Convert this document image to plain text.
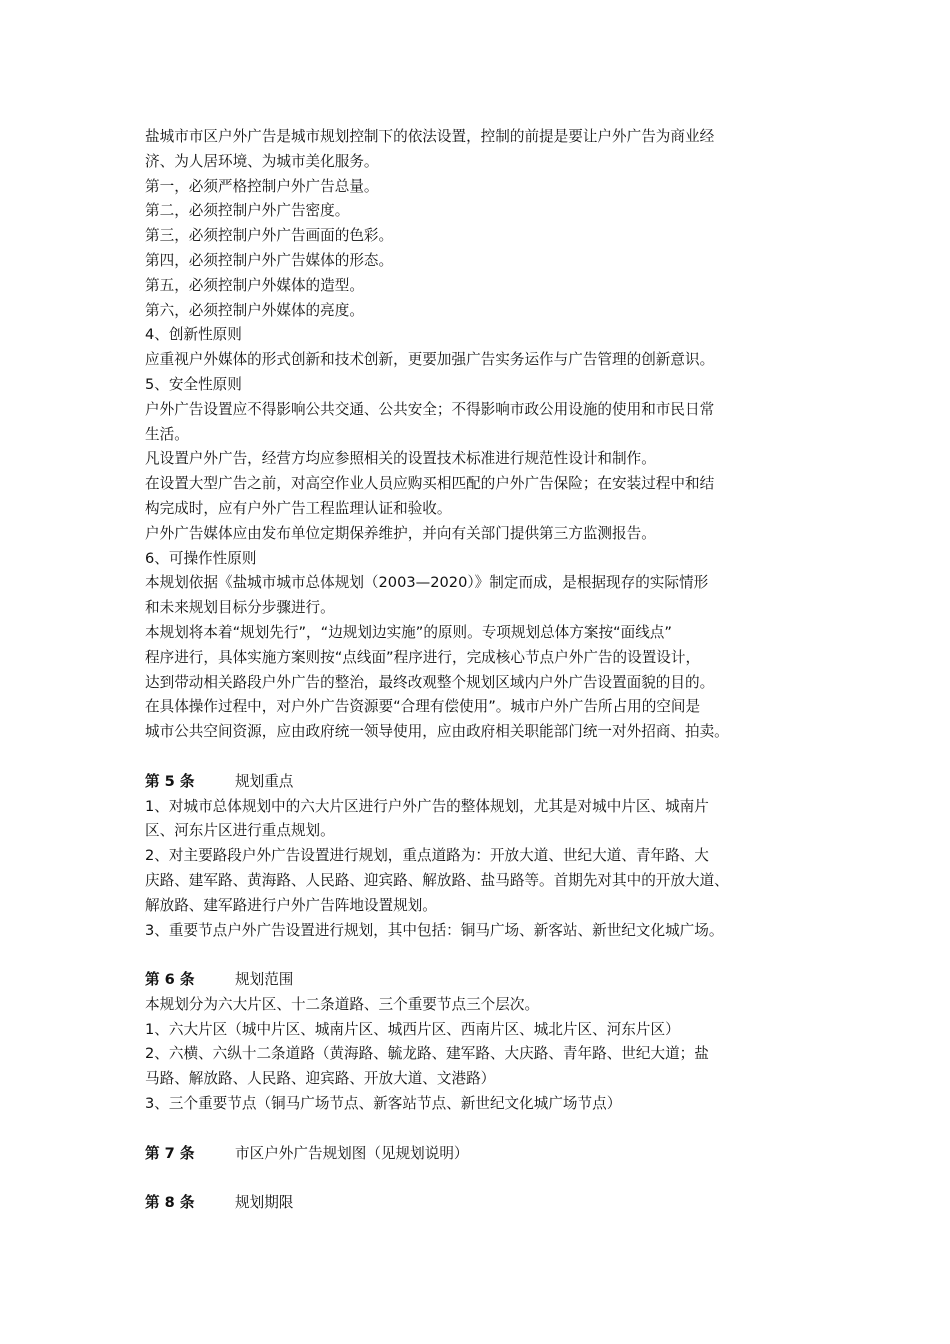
盐城市市区户外广告是城市规划控制下的依法设置，控制的前提是要让户外广告为商业经

济、为人居环境、为城市美化服务。

第一，必须严格控制户外广告总量。

第二，必须控制户外广告密度。

第三，必须控制户外广告画面的色彩。

第四，必须控制户外广告媒体的形态。

第五，必须控制户外媒体的造型。

第六，必须控制户外媒体的亮度。

4、创新性原则

应重视户外媒体的形式创新和技术创新，更要加强广告实务运作与广告管理的创新意识。

5、安全性原则

户外广告设置应不得影响公共交通、公共安全；不得影响市政公用设施的使用和市民日常

生活。

凡设置户外广告，经营方均应参照相关的设置技术标准进行规范性设计和制作。

在设置大型广告之前，对高空作业人员应购买相匹配的户外广告保险；在安装过程中和结

构完成时，应有户外广告工程监理认证和验收。

户外广告媒体应由发布单位定期保养维护，并向有关部门提供第三方监测报告。

6、可操作性原则

本规划依据《盐城市城市总体规划（2003—2020）》制定而成，是根据现存的实际情形

和未来规划目标分步骤进行。

本规划将本着“规划先行”，“边规划边实施”的原则。专项规划总体方案按“面线点”

程序进行，具体实施方案则按“点线面”程序进行，完成核心节点户外广告的设置设计，

达到带动相关路段户外广告的整治，最终改观整个规划区域内户外广告设置面貌的目的。

在具体操作过程中，对户外广告资源要“合理有偿使用”。城市户外广告所占用的空间是

城市公共空间资源，应由政府统一领导使用，应由政府相关职能部门统一对外招商、拍卖。

第 5 条	规划重点

1、对城市总体规划中的六大片区进行户外广告的整体规划，尤其是对城中片区、城南片

区、河东片区进行重点规划。

2、对主要路段户外广告设置进行规划，重点道路为：开放大道、世纪大道、青年路、大

庆路、建军路、黄海路、人民路、迎宾路、解放路、盐马路等。首期先对其中的开放大道、

解放路、建军路进行户外广告阵地设置规划。

3、重要节点户外广告设置进行规划，其中包括：铜马广场、新客站、新世纪文化城广场。

第 6 条	规划范围

本规划分为六大片区、十二条道路、三个重要节点三个层次。

1、六大片区（城中片区、城南片区、城西片区、西南片区、城北片区、河东片区）

2、六横、六纵十二条道路（黄海路、毓龙路、建军路、大庆路、青年路、世纪大道；盐

马路、解放路、人民路、迎宾路、开放大道、文港路）

3、三个重要节点（铜马广场节点、新客站节点、新世纪文化城广场节点）

第 7 条	市区户外广告规划图（见规划说明）

第 8 条	规划期限
